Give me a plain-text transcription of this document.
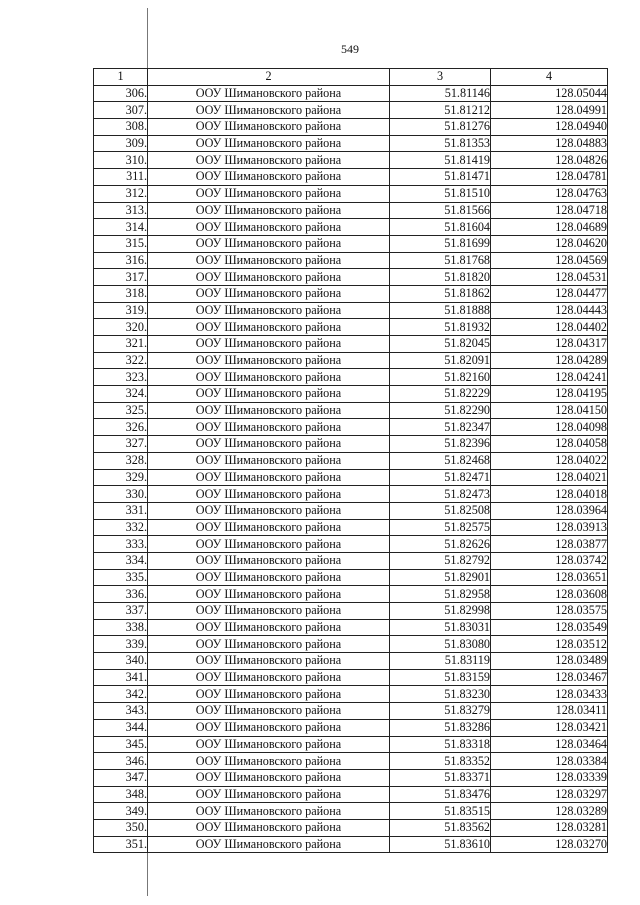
549
1	2	3	4
306.	ООУ Шимановского района	51.81146	128.05044
307.	ООУ Шимановского района	51.81212	128.04991
308.	ООУ Шимановского района	51.81276	128.04940
309.	ООУ Шимановского района	51.81353	128.04883
310.	ООУ Шимановского района	51.81419	128.04826
311.	ООУ Шимановского района	51.81471	128.04781
312.	ООУ Шимановского района	51.81510	128.04763
313.	ООУ Шимановского района	51.81566	128.04718
314.	ООУ Шимановского района	51.81604	128.04689
315.	ООУ Шимановского района	51.81699	128.04620
316.	ООУ Шимановского района	51.81768	128.04569
317.	ООУ Шимановского района	51.81820	128.04531
318.	ООУ Шимановского района	51.81862	128.04477
319.	ООУ Шимановского района	51.81888	128.04443
320.	ООУ Шимановского района	51.81932	128.04402
321.	ООУ Шимановского района	51.82045	128.04317
322.	ООУ Шимановского района	51.82091	128.04289
323.	ООУ Шимановского района	51.82160	128.04241
324.	ООУ Шимановского района	51.82229	128.04195
325.	ООУ Шимановского района	51.82290	128.04150
326.	ООУ Шимановского района	51.82347	128.04098
327.	ООУ Шимановского района	51.82396	128.04058
328.	ООУ Шимановского района	51.82468	128.04022
329.	ООУ Шимановского района	51.82471	128.04021
330.	ООУ Шимановского района	51.82473	128.04018
331.	ООУ Шимановского района	51.82508	128.03964
332.	ООУ Шимановского района	51.82575	128.03913
333.	ООУ Шимановского района	51.82626	128.03877
334.	ООУ Шимановского района	51.82792	128.03742
335.	ООУ Шимановского района	51.82901	128.03651
336.	ООУ Шимановского района	51.82958	128.03608
337.	ООУ Шимановского района	51.82998	128.03575
338.	ООУ Шимановского района	51.83031	128.03549
339.	ООУ Шимановского района	51.83080	128.03512
340.	ООУ Шимановского района	51.83119	128.03489
341.	ООУ Шимановского района	51.83159	128.03467
342.	ООУ Шимановского района	51.83230	128.03433
343.	ООУ Шимановского района	51.83279	128.03411
344.	ООУ Шимановского района	51.83286	128.03421
345.	ООУ Шимановского района	51.83318	128.03464
346.	ООУ Шимановского района	51.83352	128.03384
347.	ООУ Шимановского района	51.83371	128.03339
348.	ООУ Шимановского района	51.83476	128.03297
349.	ООУ Шимановского района	51.83515	128.03289
350.	ООУ Шимановского района	51.83562	128.03281
351.	ООУ Шимановского района	51.83610	128.03270
